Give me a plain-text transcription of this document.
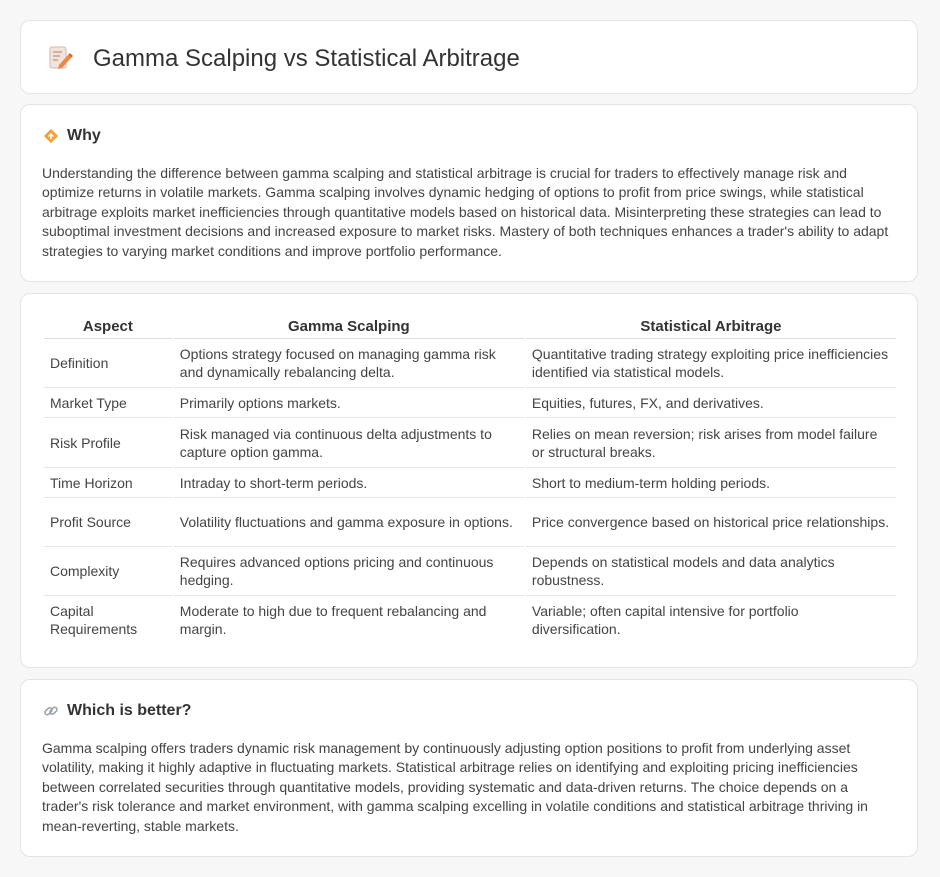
Gamma Scalping vs Statistical Arbitrage
Why

Understanding the difference between gamma scalping and statistical arbitrage is crucial for traders to effectively manage risk and optimize returns in volatile markets. Gamma scalping involves dynamic hedging of options to profit from price swings, while statistical arbitrage exploits market inefficiencies through quantitative models based on historical data. Misinterpreting these strategies can lead to suboptimal investment decisions and increased exposure to market risks. Mastery of both techniques enhances a trader's ability to adapt strategies to varying market conditions and improve portfolio performance.

Aspect	Gamma Scalping	Statistical Arbitrage
Definition	Options strategy focused on managing gamma risk and dynamically rebalancing delta.	Quantitative trading strategy exploiting price inefficiencies identified via statistical models.
Market Type	Primarily options markets.	Equities, futures, FX, and derivatives.
Risk Profile	Risk managed via continuous delta adjustments to capture option gamma.	Relies on mean reversion; risk arises from model failure or structural breaks.
Time Horizon	Intraday to short-term periods.	Short to medium-term holding periods.
Profit Source	Volatility fluctuations and gamma exposure in options.	Price convergence based on historical price relationships.
Complexity	Requires advanced options pricing and continuous hedging.	Depends on statistical models and data analytics robustness.
Capital Requirements	Moderate to high due to frequent rebalancing and margin.	Variable; often capital intensive for portfolio diversification.
Which is better?

Gamma scalping offers traders dynamic risk management by continuously adjusting option positions to profit from underlying asset volatility, making it highly adaptive in fluctuating markets. Statistical arbitrage relies on identifying and exploiting pricing inefficiencies between correlated securities through quantitative models, providing systematic and data-driven returns. The choice depends on a trader's risk tolerance and market environment, with gamma scalping excelling in volatile conditions and statistical arbitrage thriving in mean-reverting, stable markets.
